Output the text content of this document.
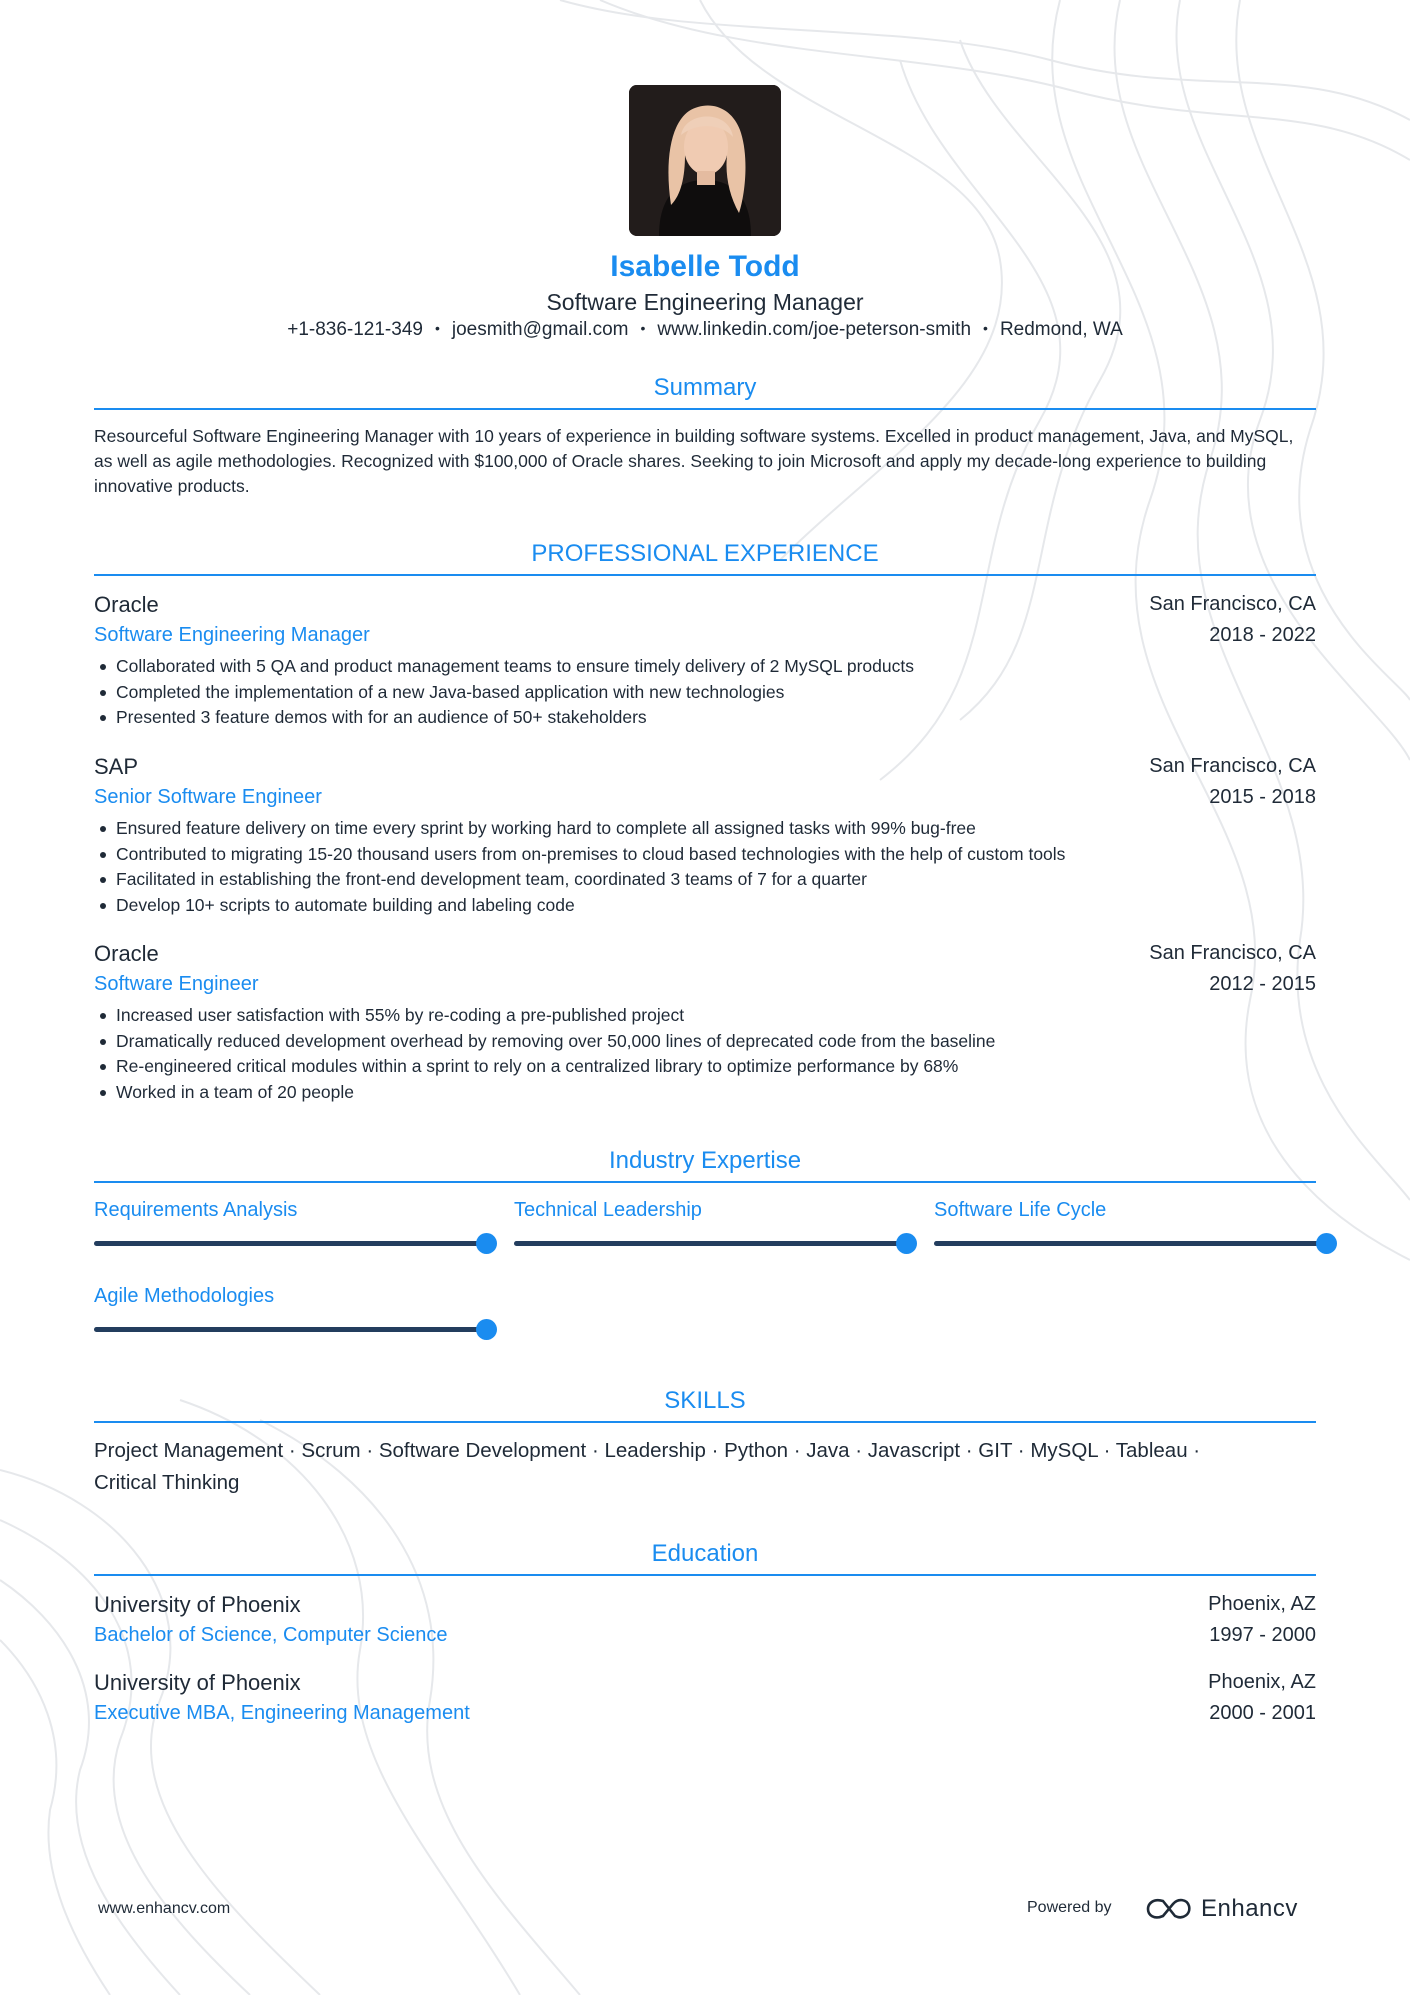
Isabelle Todd
Software Engineering Manager
+1-836-121-349 • joesmith@gmail.com • www.linkedin.com/joe-peterson-smith • Redmond, WA
Summary
Resourceful Software Engineering Manager with 10 years of experience in building software systems. Excelled in product management, Java, and MySQL, as well as agile methodologies. Recognized with $100,000 of Oracle shares. Seeking to join Microsoft and apply my decade-long experience to building innovative products.
PROFESSIONAL EXPERIENCE
Oracle	San Francisco, CA
Software Engineering Manager	2018 - 2022
Collaborated with 5 QA and product management teams to ensure timely delivery of 2 MySQL products
Completed the implementation of a new Java-based application with new technologies
Presented 3 feature demos with for an audience of 50+ stakeholders
SAP	San Francisco, CA
Senior Software Engineer	2015 - 2018
Ensured feature delivery on time every sprint by working hard to complete all assigned tasks with 99% bug-free
Contributed to migrating 15-20 thousand users from on-premises to cloud based technologies with the help of custom tools
Facilitated in establishing the front-end development team, coordinated 3 teams of 7 for a quarter
Develop 10+ scripts to automate building and labeling code
Oracle	San Francisco, CA
Software Engineer	2012 - 2015
Increased user satisfaction with 55% by re-coding a pre-published project
Dramatically reduced development overhead by removing over 50,000 lines of deprecated code from the baseline
Re-engineered critical modules within a sprint to rely on a centralized library to optimize performance by 68%
Worked in a team of 20 people
Industry Expertise
Requirements Analysis	Technical Leadership	Software Life Cycle
Agile Methodologies
SKILLS
Project Management · Scrum · Software Development · Leadership · Python · Java · Javascript · GIT · MySQL · Tableau ·
Critical Thinking
Education
University of Phoenix	Phoenix, AZ
Bachelor of Science, Computer Science	1997 - 2000
University of Phoenix	Phoenix, AZ
Executive MBA, Engineering Management	2000 - 2001
www.enhancv.com	Powered by	Enhancv
